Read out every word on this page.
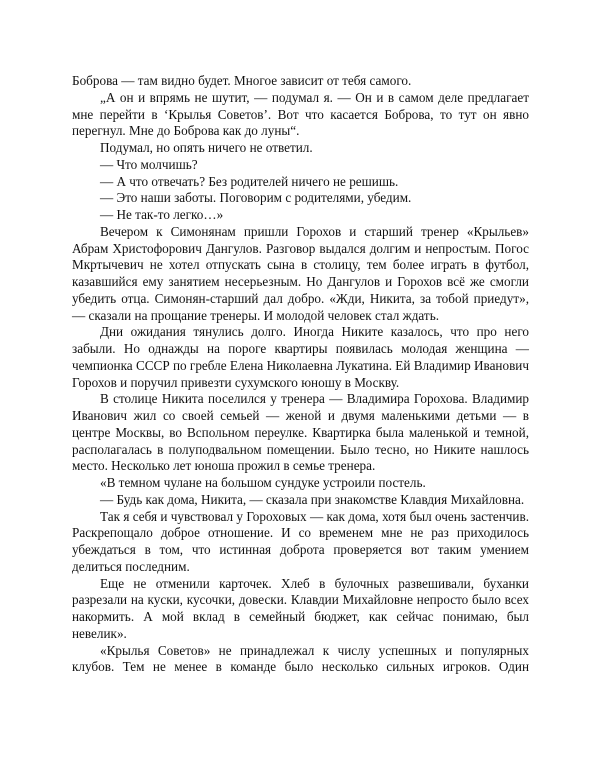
Боброва — там видно будет. Многое зависит от тебя самого.

„А он и впрямь не шутит, — подумал я. — Он и в самом деле предлагает мне перейти в ‘Крылья Советов’. Вот что касается Боброва, то тут он явно перегнул. Мне до Боброва как до луны“.

Подумал, но опять ничего не ответил.

— Что молчишь?

— А что отвечать? Без родителей ничего не решишь.

— Это наши заботы. Поговорим с родителями, убедим.

— Не так-то легко…»

Вечером к Симонянам пришли Горохов и старший тренер «Крыльев» Абрам Христофорович Дангулов. Разговор выдался долгим и непростым. Погос Мкртычевич не хотел отпускать сына в столицу, тем более играть в футбол, казавшийся ему занятием несерьезным. Но Дангулов и Горохов всё же смогли убедить отца. Симонян-старший дал добро. «Жди, Никита, за тобой приедут», — сказали на прощание тренеры. И молодой человек стал ждать.

Дни ожидания тянулись долго. Иногда Никите казалось, что про него забыли. Но однажды на пороге квартиры появилась молодая женщина — чемпионка СССР по гребле Елена Николаевна Лукатина. Ей Владимир Иванович Горохов и поручил привезти сухумского юношу в Москву.

В столице Никита поселился у тренера — Владимира Горохова. Владимир Иванович жил со своей семьей — женой и двумя маленькими детьми — в центре Москвы, во Вспольном переулке. Квартирка была маленькой и темной, располагалась в полуподвальном помещении. Было тесно, но Никите нашлось место. Несколько лет юноша прожил в семье тренера.

«В темном чулане на большом сундуке устроили постель.

— Будь как дома, Никита, — сказала при знакомстве Клавдия Михайловна.

Так я себя и чувствовал у Гороховых — как дома, хотя был очень застенчив. Раскрепощало доброе отношение. И со временем мне не раз приходилось убеждаться в том, что истинная доброта проверяется вот таким умением делиться последним.

Еще не отменили карточек. Хлеб в булочных развешивали, буханки разрезали на куски, кусочки, довески. Клавдии Михайловне непросто было всех накормить. А мой вклад в семейный бюджет, как сейчас понимаю, был невелик».

«Крылья Советов» не принадлежал к числу успешных и популярных клубов. Тем не менее в команде было несколько сильных игроков. Один
